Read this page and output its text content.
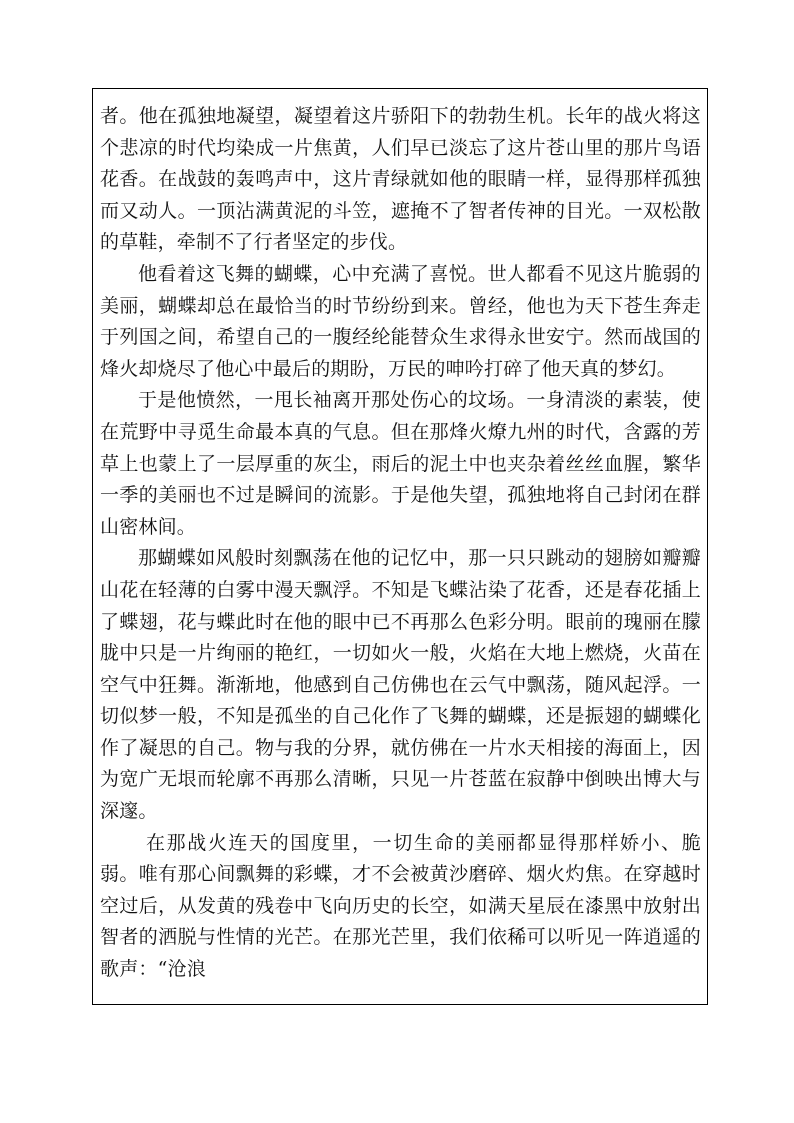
者。他在孤独地凝望，凝望着这片骄阳下的勃勃生机。长年的战火将这个悲凉的时代均染成一片焦黄，人们早已淡忘了这片苍山里的那片鸟语花香。在战鼓的轰鸣声中，这片青绿就如他的眼睛一样，显得那样孤独而又动人。一顶沾满黄泥的斗笠，遮掩不了智者传神的目光。一双松散的草鞋，牵制不了行者坚定的步伐。

他看着这飞舞的蝴蝶，心中充满了喜悦。世人都看不见这片脆弱的美丽，蝴蝶却总在最恰当的时节纷纷到来。曾经，他也为天下苍生奔走于列国之间，希望自己的一腹经纶能替众生求得永世安宁。然而战国的烽火却烧尽了他心中最后的期盼，万民的呻吟打碎了他天真的梦幻。

于是他愤然，一甩长袖离开那处伤心的坟场。一身清淡的素装，使在荒野中寻觅生命最本真的气息。但在那烽火燎九州的时代，含露的芳草上也蒙上了一层厚重的灰尘，雨后的泥土中也夹杂着丝丝血腥，繁华一季的美丽也不过是瞬间的流影。于是他失望，孤独地将自己封闭在群山密林间。

那蝴蝶如风般时刻飘荡在他的记忆中，那一只只跳动的翅膀如瓣瓣山花在轻薄的白雾中漫天飘浮。不知是飞蝶沾染了花香，还是春花插上了蝶翅，花与蝶此时在他的眼中已不再那么色彩分明。眼前的瑰丽在朦胧中只是一片绚丽的艳红，一切如火一般，火焰在大地上燃烧，火苗在空气中狂舞。渐渐地，他感到自己仿佛也在云气中飘荡，随风起浮。一切似梦一般，不知是孤坐的自己化作了飞舞的蝴蝶，还是振翅的蝴蝶化作了凝思的自己。物与我的分界，就仿佛在一片水天相接的海面上，因为宽广无垠而轮廓不再那么清晰，只见一片苍蓝在寂静中倒映出博大与深邃。

在那战火连天的国度里，一切生命的美丽都显得那样娇小、脆弱。唯有那心间飘舞的彩蝶，才不会被黄沙磨碎、烟火灼焦。在穿越时空过后，从发黄的残卷中飞向历史的长空，如满天星辰在漆黑中放射出智者的洒脱与性情的光芒。在那光芒里，我们依稀可以听见一阵逍遥的歌声：“沧浪
